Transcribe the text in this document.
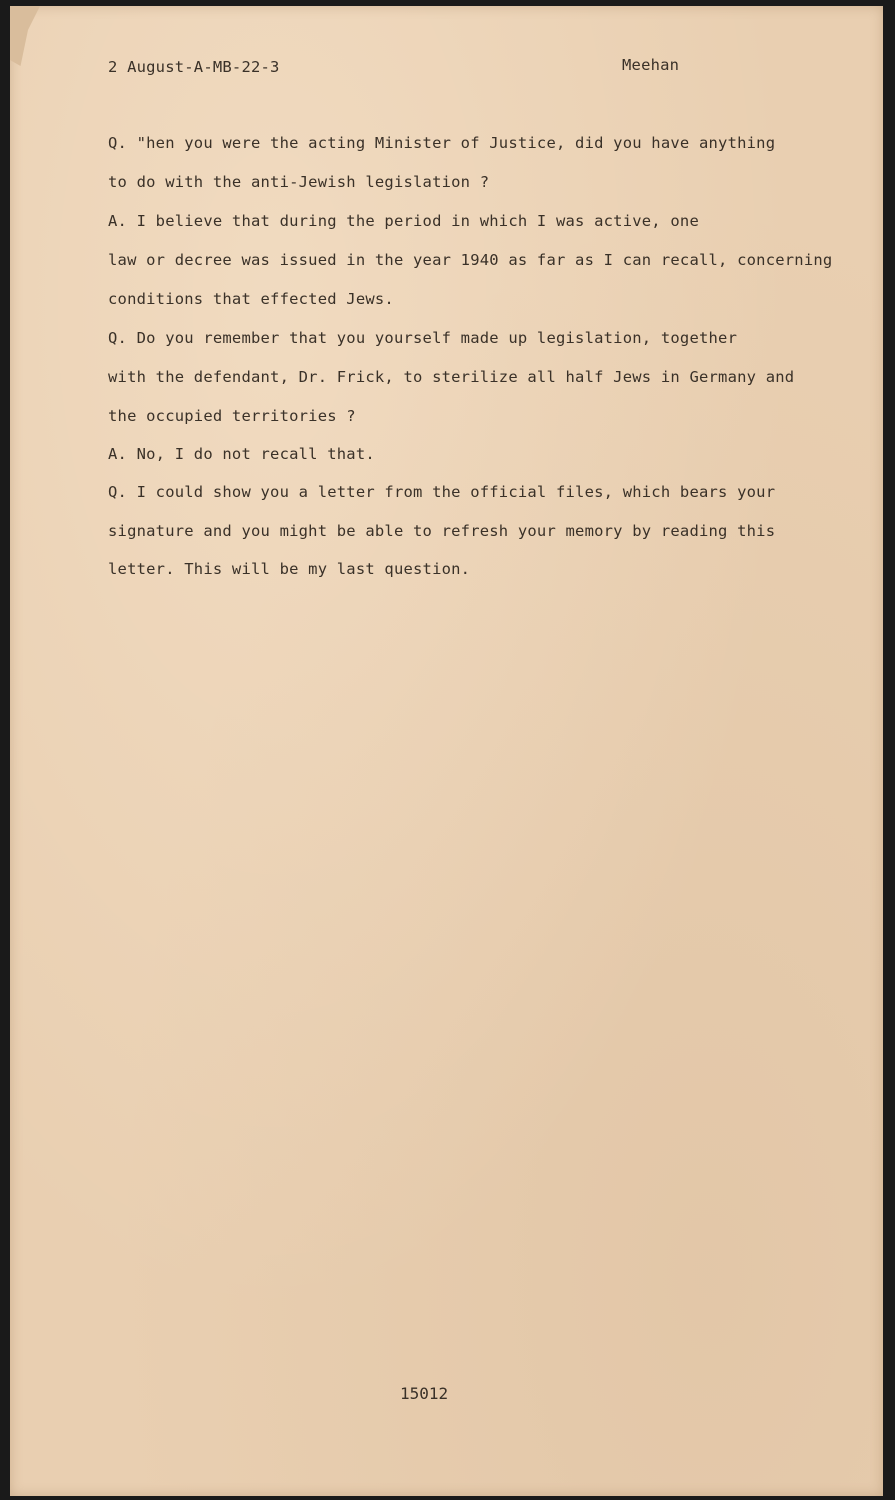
2 August-A-MB-22-3	Meehan
Q. "hen you were the acting Minister of Justice, did you have anything
to do with the anti-Jewish legislation ?
A. I believe that during the period in which I was active, one
law or decree was issued in the year 1940 as far as I can recall, concerning
conditions that effected Jews.
Q. Do you remember that you yourself made up legislation, together
with the defendant, Dr. Frick, to sterilize all half Jews in Germany and
the occupied territories ?
A. No, I do not recall that.
Q. I could show you a letter from the official files, which bears your
signature and you might be able to refresh your memory by reading this
letter. This will be my last question.
15012
